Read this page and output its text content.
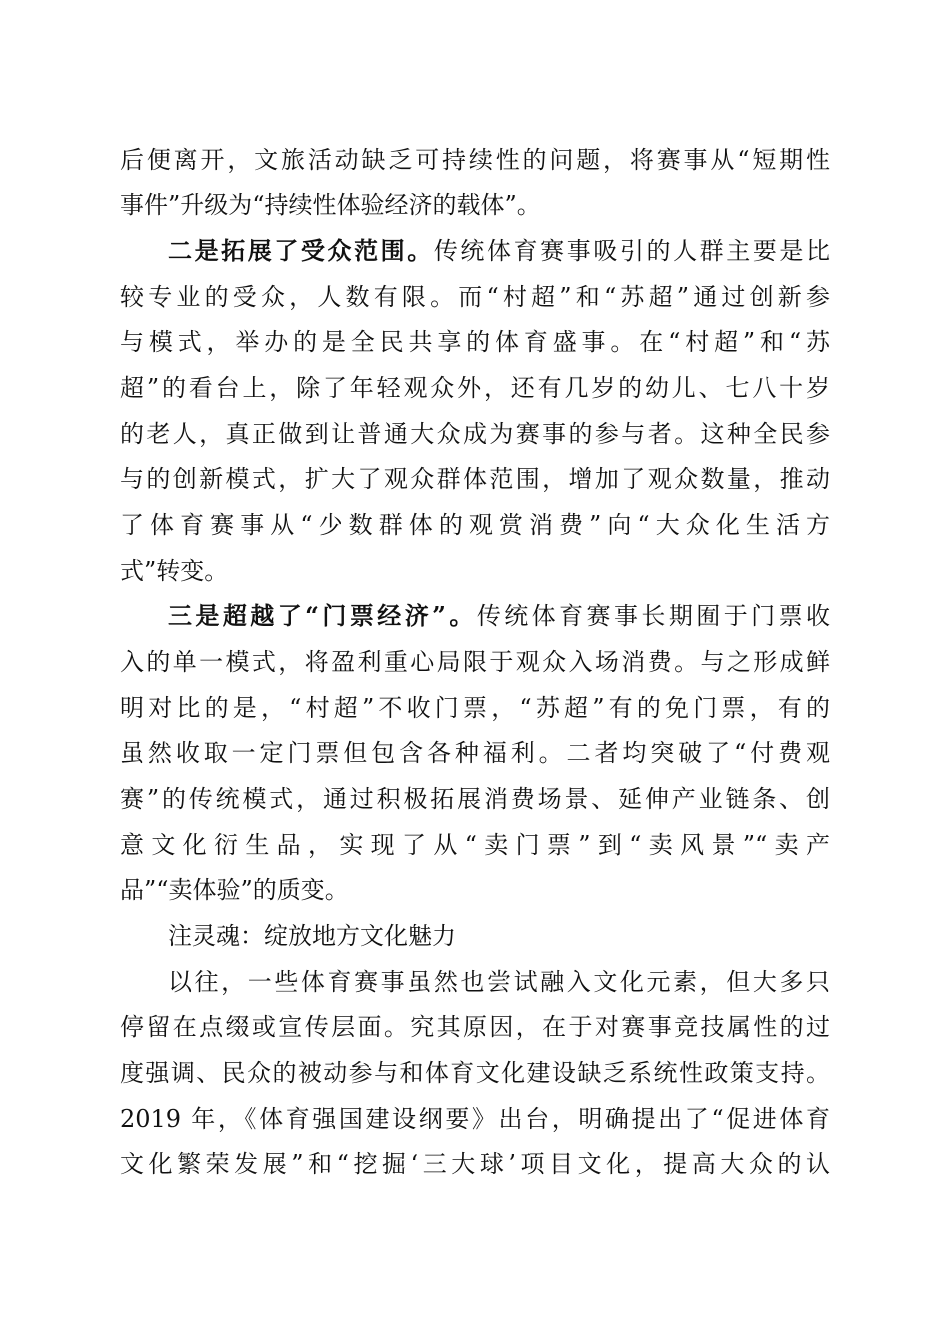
后便离开，文旅活动缺乏可持续性的问题，将赛事从“短期性
事件”升级为“持续性体验经济的载体”。
二是拓展了受众范围。传统体育赛事吸引的人群主要是比
较专业的受众，人数有限。而“村超”和“苏超”通过创新参
与模式，举办的是全民共享的体育盛事。在“村超”和“苏
超”的看台上，除了年轻观众外，还有几岁的幼儿、七八十岁
的老人，真正做到让普通大众成为赛事的参与者。这种全民参
与的创新模式，扩大了观众群体范围，增加了观众数量，推动
了体育赛事从“少数群体的观赏消费”向“大众化生活方
式”转变。
三是超越了“门票经济”。传统体育赛事长期囿于门票收
入的单一模式，将盈利重心局限于观众入场消费。与之形成鲜
明对比的是，“村超”不收门票，“苏超”有的免门票，有的
虽然收取一定门票但包含各种福利。二者均突破了“付费观
赛”的传统模式，通过积极拓展消费场景、延伸产业链条、创
意文化衍生品，实现了从“卖门票”到“卖风景”“卖产
品”“卖体验”的质变。
注灵魂：绽放地方文化魅力
以往，一些体育赛事虽然也尝试融入文化元素，但大多只
停留在点缀或宣传层面。究其原因，在于对赛事竞技属性的过
度强调、民众的被动参与和体育文化建设缺乏系统性政策支持。
2019 年，《体育强国建设纲要》出台，明确提出了“促进体育
文化繁荣发展”和“挖掘‘三大球’项目文化，提高大众的认
